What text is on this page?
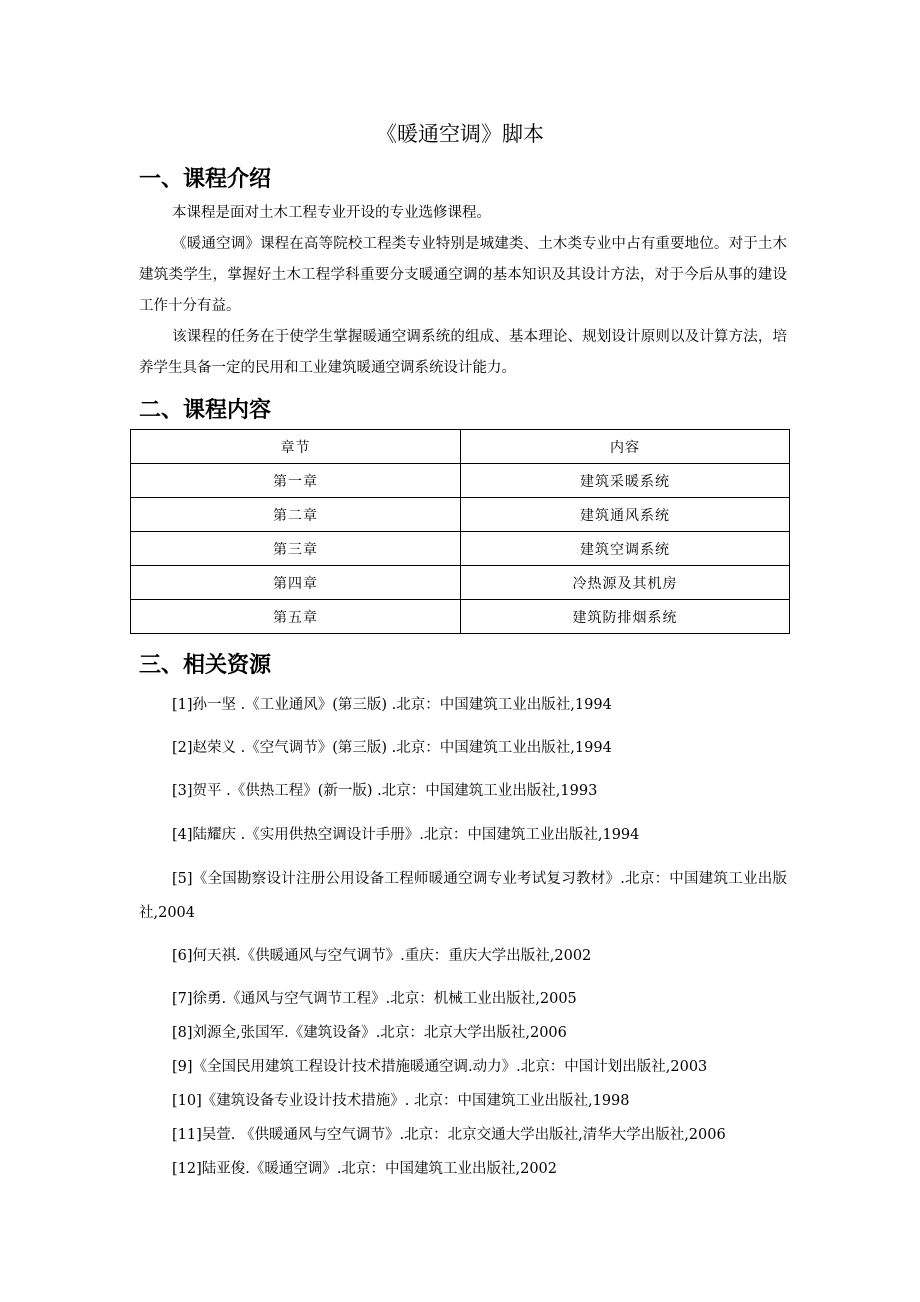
《暖通空调》脚本
一、课程介绍
本课程是面对土木工程专业开设的专业选修课程。
《暖通空调》课程在高等院校工程类专业特别是城建类、土木类专业中占有重要地位。对于土木建筑类学生，掌握好土木工程学科重要分支暖通空调的基本知识及其设计方法，对于今后从事的建设工作十分有益。
该课程的任务在于使学生掌握暖通空调系统的组成、基本理论、规划设计原则以及计算方法，培养学生具备一定的民用和工业建筑暖通空调系统设计能力。
二、课程内容
章节	内容
第一章	建筑采暖系统
第二章	建筑通风系统
第三章	建筑空调系统
第四章	冷热源及其机房
第五章	建筑防排烟系统
三、相关资源
[1]孙一坚 .《工业通风》(第三版) .北京：中国建筑工业出版社,1994
[2]赵荣义 .《空气调节》(第三版) .北京：中国建筑工业出版社,1994
[3]贺平 .《供热工程》(新一版) .北京：中国建筑工业出版社,1993
[4]陆耀庆 .《实用供热空调设计手册》.北京：中国建筑工业出版社,1994
[5]《全国勘察设计注册公用设备工程师暖通空调专业考试复习教材》.北京：中国建筑工业出版社,2004
[6]何天祺.《供暖通风与空气调节》.重庆：重庆大学出版社,2002
[7]徐勇.《通风与空气调节工程》.北京：机械工业出版社,2005
[8]刘源全,张国军.《建筑设备》.北京：北京大学出版社,2006
[9]《全国民用建筑工程设计技术措施暖通空调.动力》.北京：中国计划出版社,2003
[10]《建筑设备专业设计技术措施》. 北京：中国建筑工业出版社,1998
[11]吴萱. 《供暖通风与空气调节》.北京：北京交通大学出版社,清华大学出版社,2006
[12]陆亚俊.《暖通空调》.北京：中国建筑工业出版社,2002
